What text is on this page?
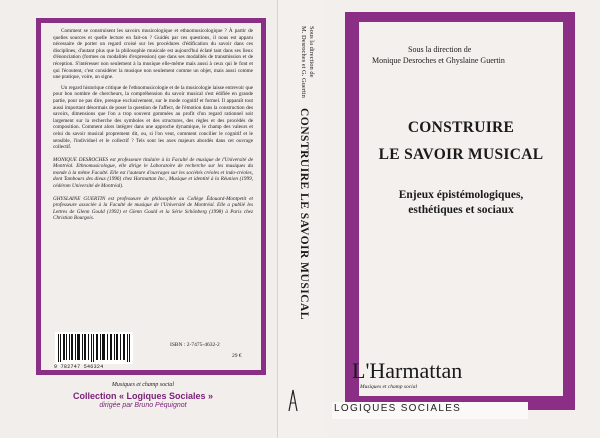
Comment se construisent les savoirs musicologique et ethnomusicologique ? À partir de quelles sources et quelle lecture en fait-on ? Guidés par ces questions, il nous est apparu nécessaire de porter un regard croisé sur les procédures d'édification du savoir dans ces disciplines, d'autant plus que la philosophie musicale est aujourd'hui éclaté tant dans ses lieux d'énonciation (formes ou modalités d'expression) que dans ses modalités de transmission et de réception. S'intéresser non seulement à la musique elle-même mais aussi à ceux qui le font et qui l'écoutent, c'est considérer la musique non seulement comme un objet, mais aussi comme une pratique, voire, un signe.

Un regard historique critique de l'ethnomusicologie et de la musicologie laisse entrevoir que pour bon nombre de chercheurs, la compréhension du savoir musical s'est édifiée en grande partie, pour ne pas dire, presque exclusivement, sur le mode cognitif et formel. Il apparaît tout aussi important désormais de poser la question de l'affect, de l'émotion dans la construction des savoirs, dimensions que l'on a trop souvent gommées au profit d'un regard rationnel soit largement sur la recherche des symboles et des structures, des règles et des procédés de composition. Comment alors intégrer dans une approche dynamique, le champ des valeurs et celui du savoir musical proprement dit, ou, si l'on veut, comment concilier le cognitif et le sensible, l'individuel et le collectif ? Tels sont les axes majeurs abordés dans cet ouvrage collectif.

MONIQUE DESROCHES est professeure titulaire à la Faculté de musique de l'Université de Montréal. Ethnomusicologue, elle dirige le Laboratoire de recherche sur les musiques du monde à la même Faculté. Elle est l'auteure d'ouvrages sur les sociétés créoles et indo-créoles, dont Tambours des dieux (1996) chez Harmattan Inc., Musique et identité à la Réunion (1999, cédérom Université de Montréal).

GHYSLAINE GUERTIN est professeure de philosophie au Collège Édouard-Montpetit et professeure associée à la Faculté de musique de l'Université de Montréal. Elle a publié les Lettres de Glenn Gould (1992) et Glenn Gould et la Série Schönberg (1998) à Paris chez Christian Bourgois.

9 782747 546324
ISBN : 2-7475-4632-2
29 €
Musiques et champ social
Collection « Logiques Sociales »
dirigée par Bruno Péquignot
Sous la direction de
M. Desroches et G. Guertin
CONSTRUIRE LE SAVOIR MUSICAL
Sous la direction de
Monique Desroches et Ghyslaine Guertin
CONSTRUIRE
LE SAVOIR MUSICAL
Enjeux épistémologiques,
esthétiques et sociaux
L'Harmattan
Musiques et champ social
LOGIQUES SOCIALES
